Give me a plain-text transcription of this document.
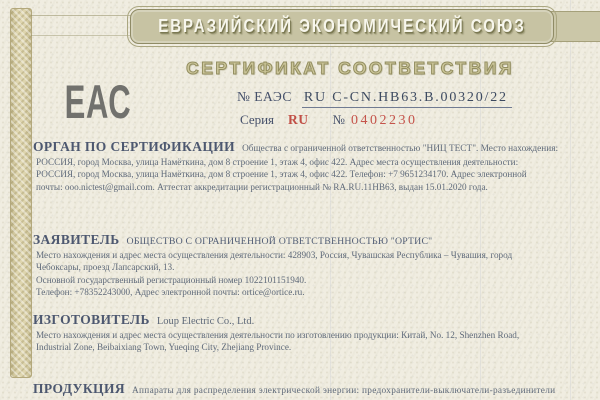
ЕВРАЗИЙСКИЙ ЭКОНОМИЧЕСКИЙ СОЮЗ
ЕАС
СЕРТИФИКАТ СООТВЕТСТВИЯ
№ ЕАЭС RU C-CN.HB63.B.00320/22
Серия RU № 0402230
ОРГАН ПО СЕРТИФИКАЦИИ Общества с ограниченной ответственностью "НИЦ ТЕСТ". Место нахождения:
РОССИЯ, город Москва, улица Намёткина, дом 8 строение 1, этаж 4, офис 422. Адрес места осуществления деятельности:
РОССИЯ, город Москва, улица Намёткина, дом 8 строение 1, этаж 4, офис 422. Телефон: +7 9651234170. Адрес электронной
почты: ooo.nictest@gmail.com. Аттестат аккредитации регистрационный № RA.RU.11HB63, выдан 15.01.2020 года.
ЗАЯВИТЕЛЬ ОБЩЕСТВО С ОГРАНИЧЕННОЙ ОТВЕТСТВЕННОСТЬЮ "ОРТИС"
Место нахождения и адрес места осуществления деятельности: 428903, Россия, Чувашская Республика – Чувашия, город
Чебоксары, проезд Лапсарский, 13.
Основной государственный регистрационный номер 1022101151940.
Телефон: +78352243000, Адрес электронной почты: ortice@ortice.ru.
ИЗГОТОВИТЕЛЬ Loup Electric Co., Ltd.
Место нахождения и адрес места осуществления деятельности по изготовлению продукции: Китай, No. 12, Shenzhen Road,
Industrial Zone, Beibaixiang Town, Yueqing City, Zhejiang Province.
ПРОДУКЦИЯ Аппараты для распределения электрической энергии: предохранители-выключатели-разъединители
